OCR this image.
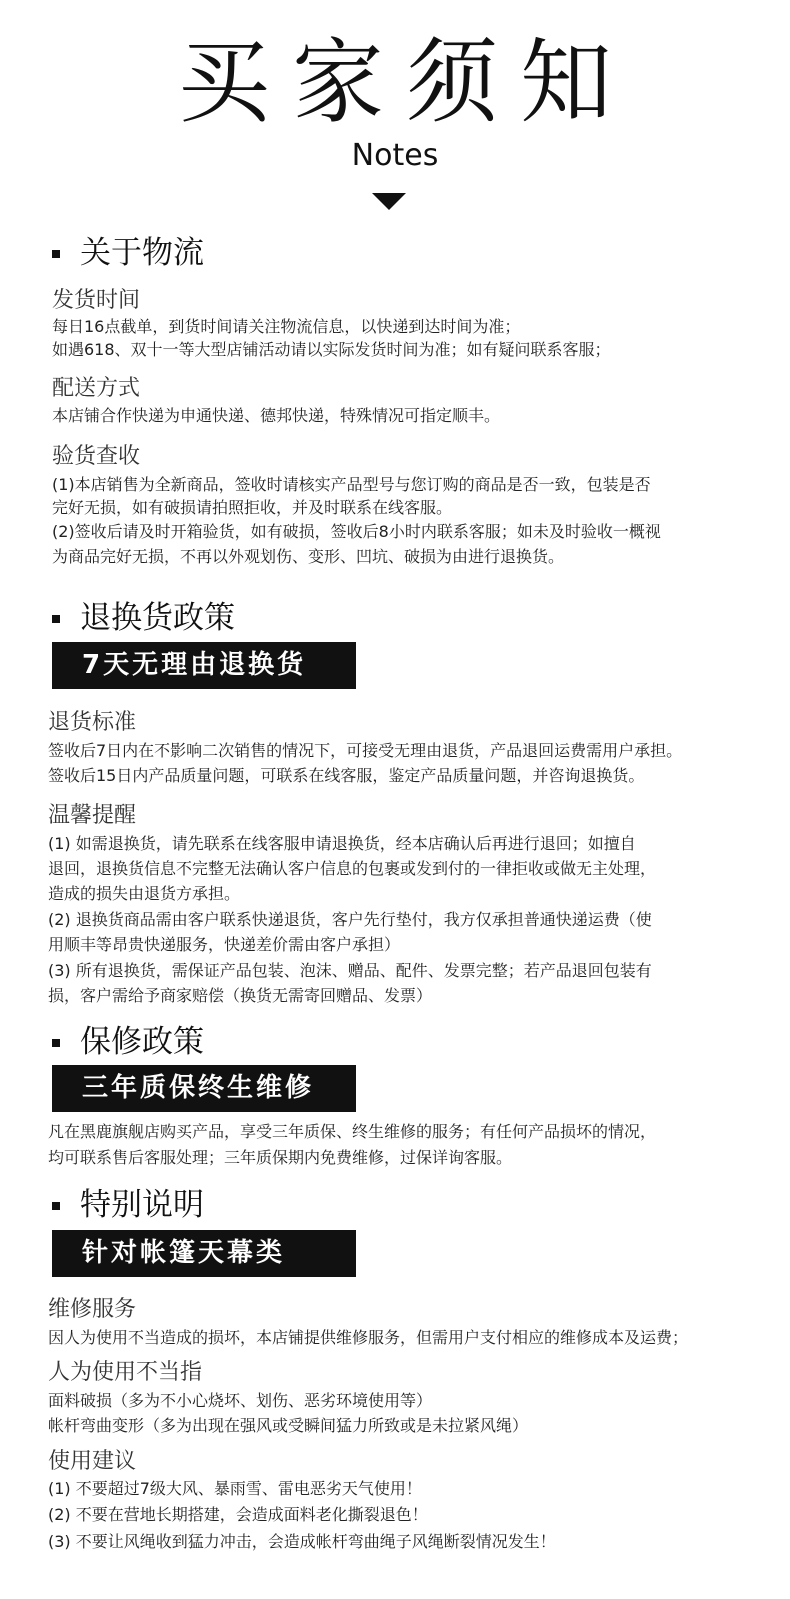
买家须知
Notes
关于物流
发货时间
每日16点截单，到货时间请关注物流信息，以快递到达时间为准；
如遇618、双十一等大型店铺活动请以实际发货时间为准；如有疑问联系客服；
配送方式
本店铺合作快递为申通快递、德邦快递，特殊情况可指定顺丰。
验货查收
(1)本店销售为全新商品，签收时请核实产品型号与您订购的商品是否一致，包装是否
完好无损，如有破损请拍照拒收，并及时联系在线客服。
(2)签收后请及时开箱验货，如有破损，签收后8小时内联系客服；如未及时验收一概视
为商品完好无损，不再以外观划伤、变形、凹坑、破损为由进行退换货。
退换货政策
7天无理由退换货
退货标准
签收后7日内在不影响二次销售的情况下，可接受无理由退货，产品退回运费需用户承担。
签收后15日内产品质量问题，可联系在线客服，鉴定产品质量问题，并咨询退换货。
温馨提醒
(1) 如需退换货，请先联系在线客服申请退换货，经本店确认后再进行退回；如擅自
退回，退换货信息不完整无法确认客户信息的包裹或发到付的一律拒收或做无主处理，
造成的损失由退货方承担。
(2) 退换货商品需由客户联系快递退货，客户先行垫付，我方仅承担普通快递运费（使
用顺丰等昂贵快递服务，快递差价需由客户承担）
(3) 所有退换货，需保证产品包装、泡沫、赠品、配件、发票完整；若产品退回包装有
损，客户需给予商家赔偿（换货无需寄回赠品、发票）
保修政策
三年质保终生维修
凡在黑鹿旗舰店购买产品，享受三年质保、终生维修的服务；有任何产品损坏的情况，
均可联系售后客服处理；三年质保期内免费维修，过保详询客服。
特别说明
针对帐篷天幕类
维修服务
因人为使用不当造成的损坏，本店铺提供维修服务，但需用户支付相应的维修成本及运费；
人为使用不当指
面料破损（多为不小心烧坏、划伤、恶劣环境使用等）
帐杆弯曲变形（多为出现在强风或受瞬间猛力所致或是未拉紧风绳）
使用建议
(1) 不要超过7级大风、暴雨雪、雷电恶劣天气使用！
(2) 不要在营地长期搭建，会造成面料老化撕裂退色！
(3) 不要让风绳收到猛力冲击，会造成帐杆弯曲绳子风绳断裂情况发生！
